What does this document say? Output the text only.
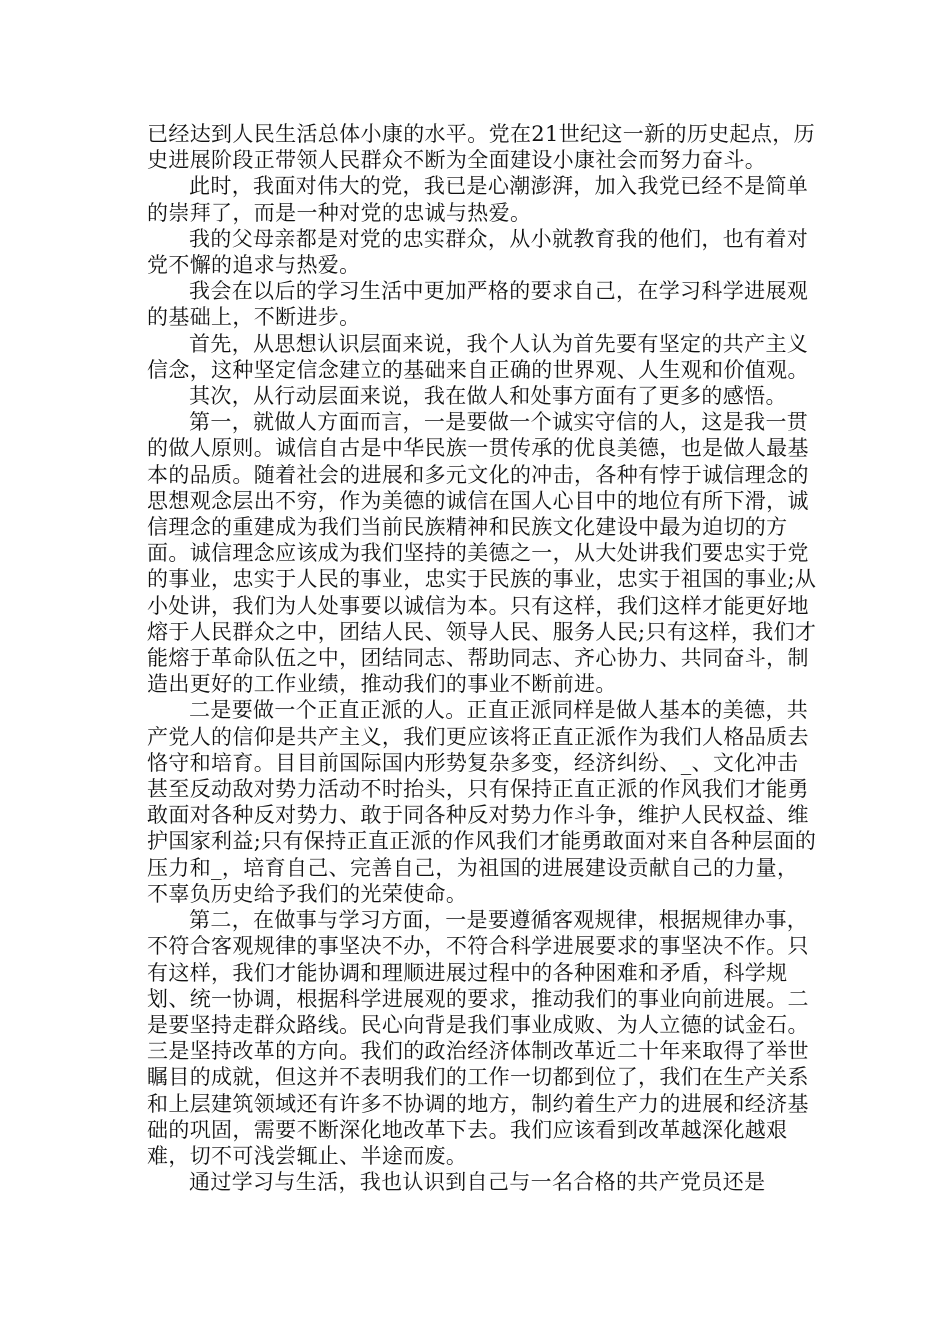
已经达到人民生活总体小康的水平。党在21世纪这一新的历史起点，历史进展阶段正带领人民群众不断为全面建设小康社会而努力奋斗。

此时，我面对伟大的党，我已是心潮澎湃，加入我党已经不是简单的崇拜了，而是一种对党的忠诚与热爱。

我的父母亲都是对党的忠实群众，从小就教育我的他们，也有着对党不懈的追求与热爱。

我会在以后的学习生活中更加严格的要求自己，在学习科学进展观的基础上，不断进步。

首先，从思想认识层面来说，我个人认为首先要有坚定的共产主义信念，这种坚定信念建立的基础来自正确的世界观、人生观和价值观。

其次，从行动层面来说，我在做人和处事方面有了更多的感悟。

第一，就做人方面而言，一是要做一个诚实守信的人，这是我一贯的做人原则。诚信自古是中华民族一贯传承的优良美德，也是做人最基本的品质。随着社会的进展和多元文化的冲击，各种有悖于诚信理念的思想观念层出不穷，作为美德的诚信在国人心目中的地位有所下滑，诚信理念的重建成为我们当前民族精神和民族文化建设中最为迫切的方面。诚信理念应该成为我们坚持的美德之一，从大处讲我们要忠实于党的事业，忠实于人民的事业，忠实于民族的事业，忠实于祖国的事业;从小处讲，我们为人处事要以诚信为本。只有这样，我们这样才能更好地熔于人民群众之中，团结人民、领导人民、服务人民;只有这样，我们才能熔于革命队伍之中，团结同志、帮助同志、齐心协力、共同奋斗，制造出更好的工作业绩，推动我们的事业不断前进。

二是要做一个正直正派的人。正直正派同样是做人基本的美德，共产党人的信仰是共产主义，我们更应该将正直正派作为我们人格品质去恪守和培育。目目前国际国内形势复杂多变，经济纠纷、_、文化冲击甚至反动敌对势力活动不时抬头，只有保持正直正派的作风我们才能勇敢面对各种反对势力、敢于同各种反对势力作斗争，维护人民权益、维护国家利益;只有保持正直正派的作风我们才能勇敢面对来自各种层面的压力和_，培育自己、完善自己，为祖国的进展建设贡献自己的力量，不辜负历史给予我们的光荣使命。

第二，在做事与学习方面，一是要遵循客观规律，根据规律办事，不符合客观规律的事坚决不办，不符合科学进展要求的事坚决不作。只有这样，我们才能协调和理顺进展过程中的各种困难和矛盾，科学规划、统一协调，根据科学进展观的要求，推动我们的事业向前进展。二是要坚持走群众路线。民心向背是我们事业成败、为人立德的试金石。三是坚持改革的方向。我们的政治经济体制改革近二十年来取得了举世瞩目的成就，但这并不表明我们的工作一切都到位了，我们在生产关系和上层建筑领域还有许多不协调的地方，制约着生产力的进展和经济基础的巩固，需要不断深化地改革下去。我们应该看到改革越深化越艰难，切不可浅尝辄止、半途而废。

通过学习与生活，我也认识到自己与一名合格的共产党员还是
